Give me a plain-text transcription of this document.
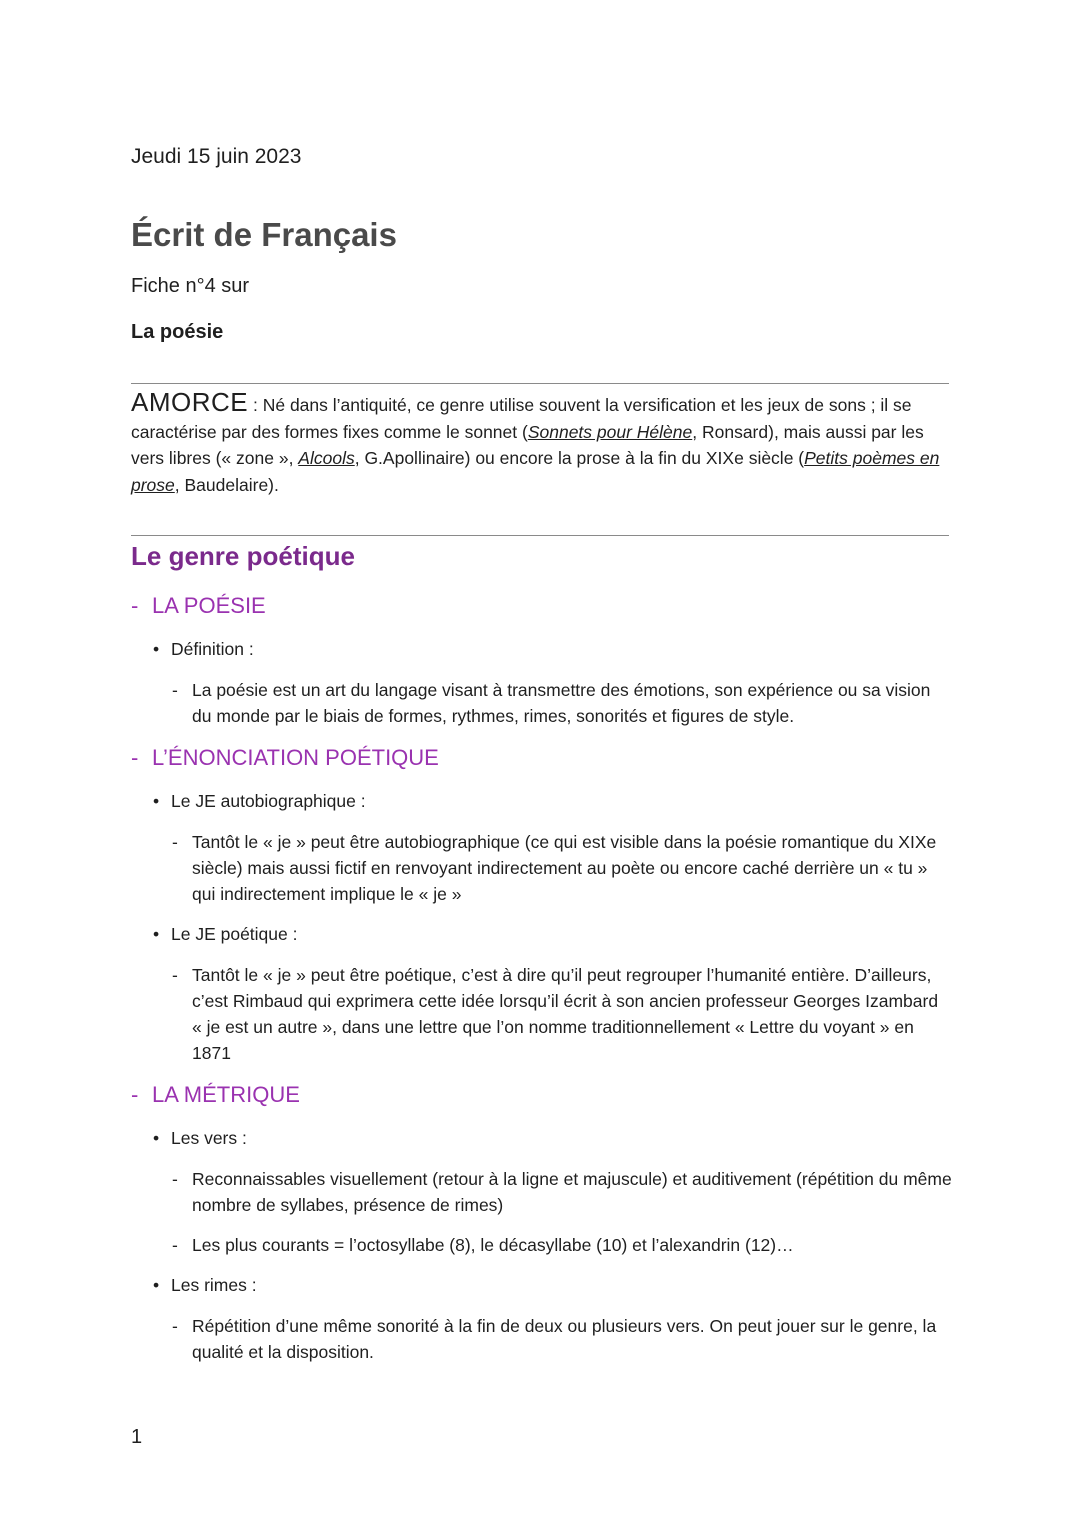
Jeudi 15 juin 2023
Écrit de Français
Fiche n°4 sur
La poésie
AMORCE : Né dans l’antiquité, ce genre utilise souvent la versification et les jeux de sons ; il se caractérise par des formes fixes comme le sonnet (Sonnets pour Hélène, Ronsard), mais aussi par les vers libres (« zone », Alcools, G.Apollinaire) ou encore la prose à la fin du XIXe siècle (Petits poèmes en prose, Baudelaire).
Le genre poétique
- LA POÉSIE
• Définition :
- La poésie est un art du langage visant à transmettre des émotions, son expérience ou sa vision du monde par le biais de formes, rythmes, rimes, sonorités et figures de style.
- L’ÉNONCIATION POÉTIQUE
• Le JE autobiographique :
- Tantôt le « je » peut être autobiographique (ce qui est visible dans la poésie romantique du XIXe siècle) mais aussi fictif en renvoyant indirectement au poète ou encore caché derrière un « tu » qui indirectement implique le « je »
• Le JE poétique :
- Tantôt le « je » peut être poétique, c’est à dire qu’il peut regrouper l’humanité entière. D’ailleurs, c’est Rimbaud qui exprimera cette idée lorsqu’il écrit à son ancien professeur Georges Izambard « je est un autre », dans une lettre que l’on nomme traditionnellement « Lettre du voyant » en 1871
- LA MÉTRIQUE
• Les vers :
- Reconnaissables visuellement (retour à la ligne et majuscule) et auditivement (répétition du même nombre de syllabes, présence de rimes)
- Les plus courants = l’octosyllabe (8), le décasyllabe (10) et l’alexandrin (12)…
• Les rimes :
- Répétition d’une même sonorité à la fin de deux ou plusieurs vers. On peut jouer sur le genre, la qualité et la disposition.
1
